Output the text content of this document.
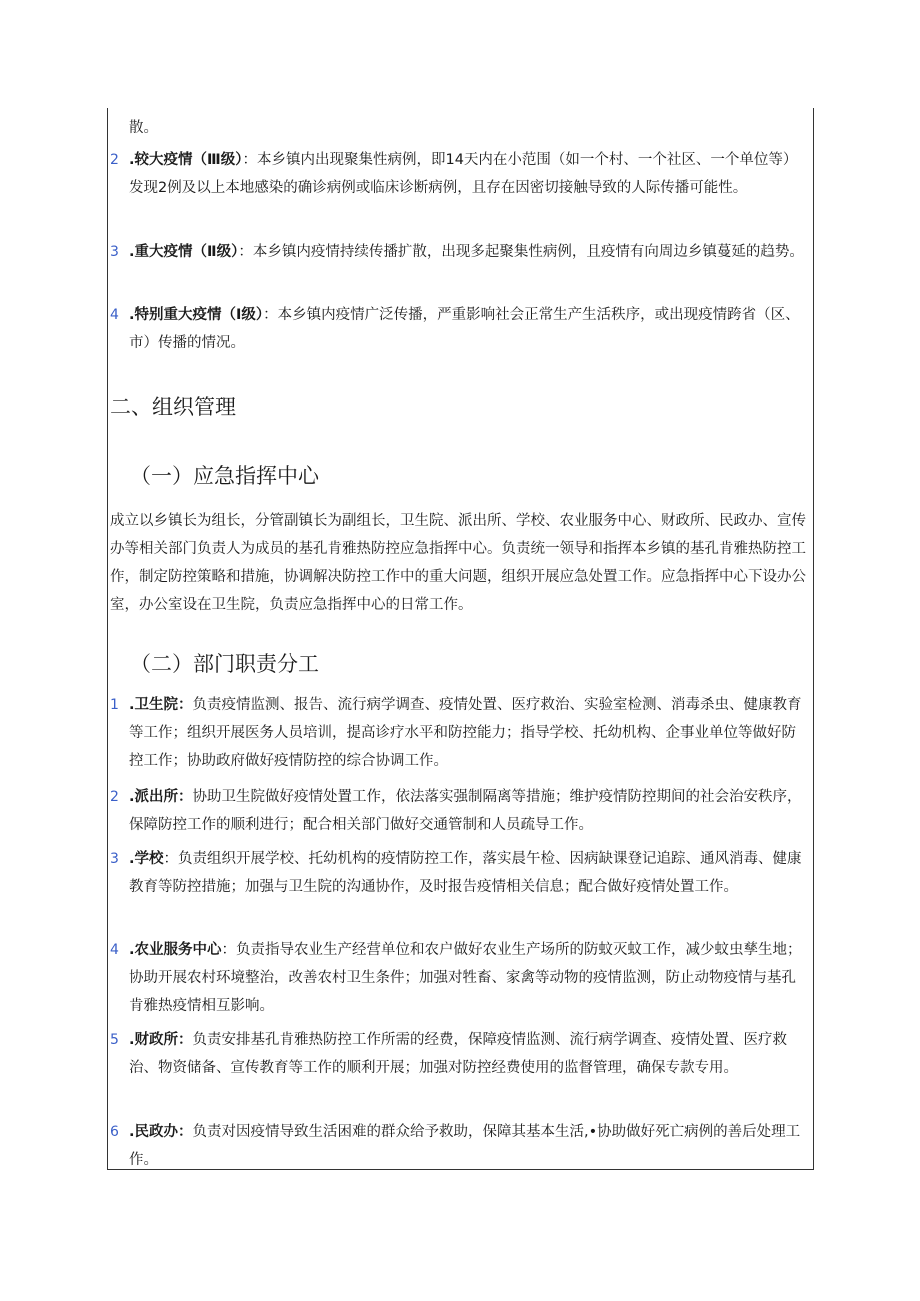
散。
2 .较大疫情（Ⅲ级）：本乡镇内出现聚集性病例，即14天内在小范围（如一个村、一个社区、一个单位等）发现2例及以上本地感染的确诊病例或临床诊断病例，且存在因密切接触导致的人际传播可能性。
3 .重大疫情（Ⅱ级）：本乡镇内疫情持续传播扩散，出现多起聚集性病例，且疫情有向周边乡镇蔓延的趋势。
4 .特别重大疫情（Ⅰ级）：本乡镇内疫情广泛传播，严重影响社会正常生产生活秩序，或出现疫情跨省（区、市）传播的情况。
二、组织管理
（一）应急指挥中心
成立以乡镇长为组长，分管副镇长为副组长，卫生院、派出所、学校、农业服务中心、财政所、民政办、宣传办等相关部门负责人为成员的基孔肯雅热防控应急指挥中心。负责统一领导和指挥本乡镇的基孔肯雅热防控工作，制定防控策略和措施，协调解决防控工作中的重大问题，组织开展应急处置工作。应急指挥中心下设办公室，办公室设在卫生院，负责应急指挥中心的日常工作。
（二）部门职责分工
1 .卫生院：负责疫情监测、报告、流行病学调查、疫情处置、医疗救治、实验室检测、消毒杀虫、健康教育等工作；组织开展医务人员培训，提高诊疗水平和防控能力；指导学校、托幼机构、企事业单位等做好防控工作；协助政府做好疫情防控的综合协调工作。
2 .派出所：协助卫生院做好疫情处置工作，依法落实强制隔离等措施；维护疫情防控期间的社会治安秩序，保障防控工作的顺利进行；配合相关部门做好交通管制和人员疏导工作。
3 .学校：负责组织开展学校、托幼机构的疫情防控工作，落实晨午检、因病缺课登记追踪、通风消毒、健康教育等防控措施；加强与卫生院的沟通协作，及时报告疫情相关信息；配合做好疫情处置工作。
4 .农业服务中心：负责指导农业生产经营单位和农户做好农业生产场所的防蚊灭蚊工作，减少蚊虫孳生地；协助开展农村环境整治，改善农村卫生条件；加强对牲畜、家禽等动物的疫情监测，防止动物疫情与基孔肯雅热疫情相互影响。
5 .财政所：负责安排基孔肯雅热防控工作所需的经费，保障疫情监测、流行病学调查、疫情处置、医疗救治、物资储备、宣传教育等工作的顺利开展；加强对防控经费使用的监督管理，确保专款专用。
6 .民政办：负责对因疫情导致生活困难的群众给予救助，保障其基本生活,•协助做好死亡病例的善后处理工作。
